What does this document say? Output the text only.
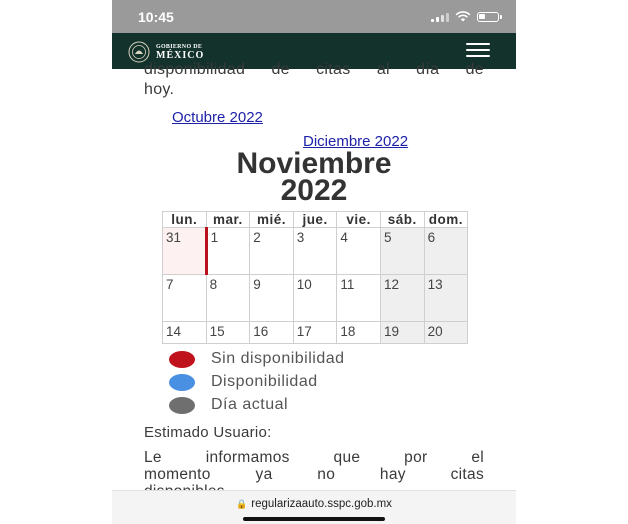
10:45
GOBIERNO DE
MÉXICO
disponibilidad de citas al día de
hoy.
Octubre 2022
Diciembre 2022
Noviembre
2022
lun.	mar.	mié.	jue.	vie.	sáb.	dom.
31	1	2	3	4	5	6
7	8	9	10	11	12	13
14	15	16	17	18	19	20
Sin disponibilidad
Disponibilidad
Día actual
Estimado Usuario:
Le informamos que por el
momento ya no hay citas
🔒 regularizaauto.sspc.gob.mx
